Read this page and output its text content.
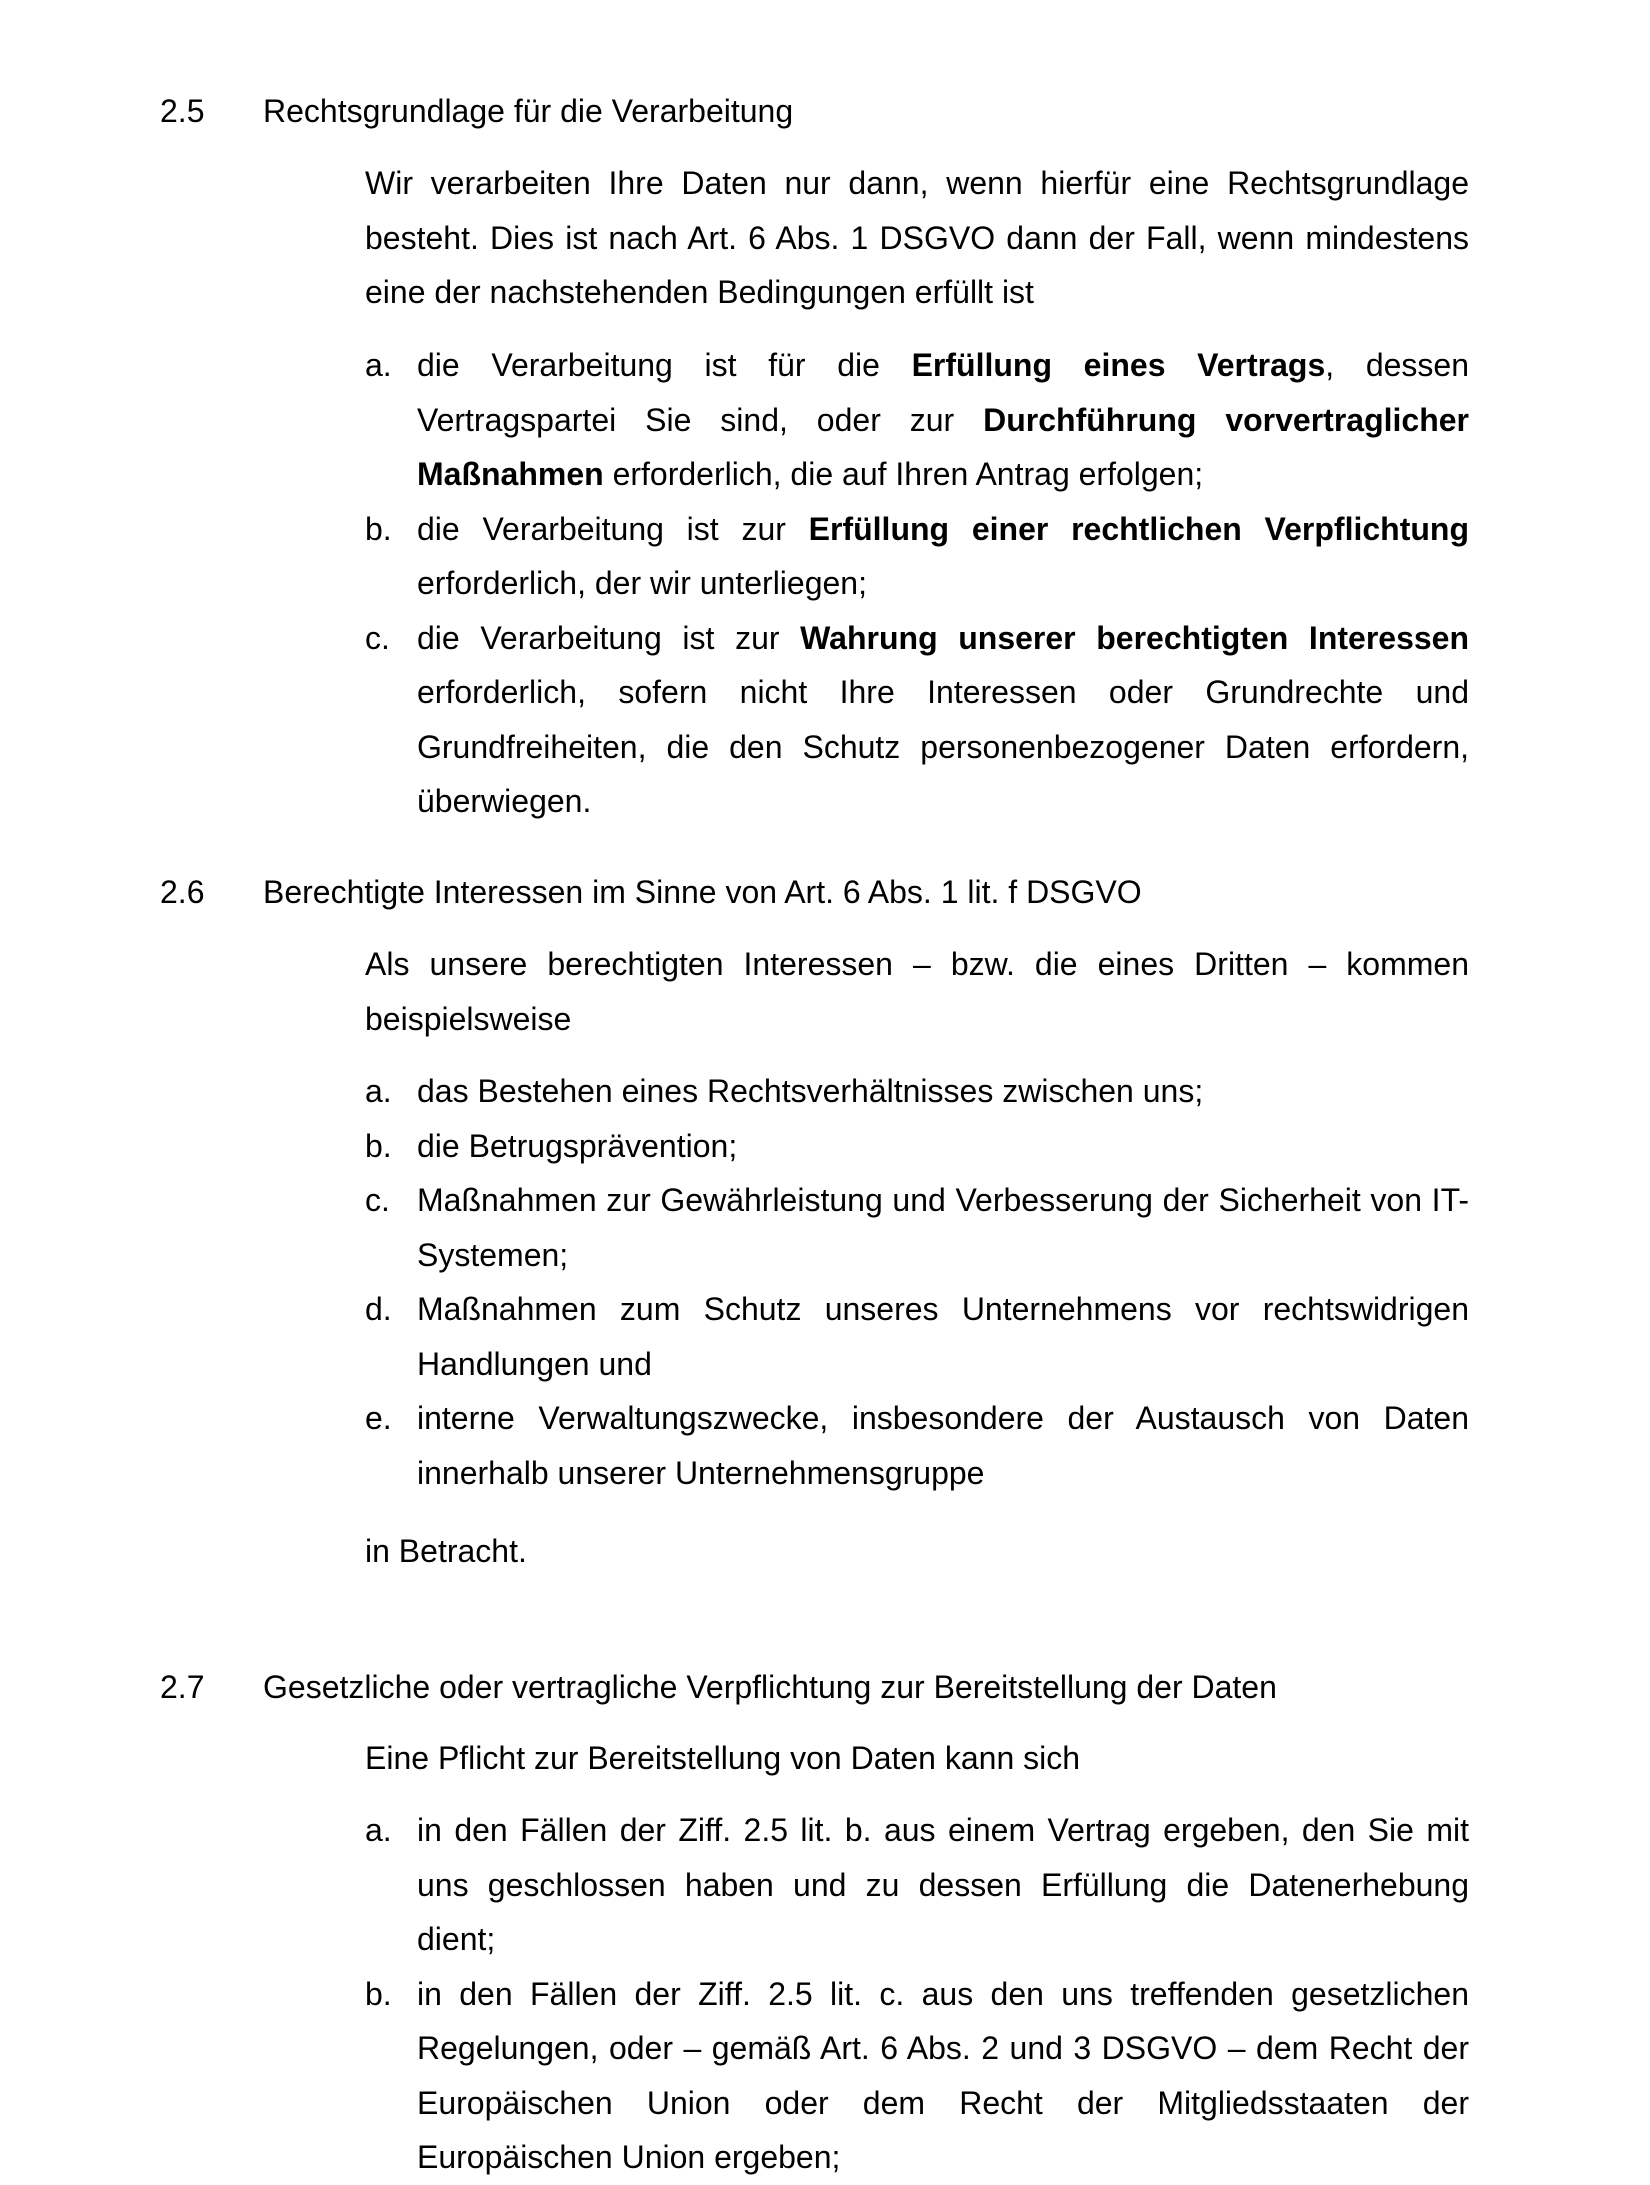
2.5 Rechtsgrundlage für die Verarbeitung

Wir verarbeiten Ihre Daten nur dann, wenn hierfür eine Rechtsgrundlage besteht. Dies ist nach Art. 6 Abs. 1 DSGVO dann der Fall, wenn mindestens eine der nachstehenden Bedingungen erfüllt ist

a. die Verarbeitung ist für die Erfüllung eines Vertrags, dessen Vertragspartei Sie sind, oder zur Durchführung vorvertraglicher Maßnahmen erforderlich, die auf Ihren Antrag erfolgen;
b. die Verarbeitung ist zur Erfüllung einer rechtlichen Verpflichtung erforderlich, der wir unterliegen;
c. die Verarbeitung ist zur Wahrung unserer berechtigten Interessen erforderlich, sofern nicht Ihre Interessen oder Grundrechte und Grundfreiheiten, die den Schutz personenbezogener Daten erfordern, überwiegen.
2.6 Berechtigte Interessen im Sinne von Art. 6 Abs. 1 lit. f DSGVO

Als unsere berechtigten Interessen – bzw. die eines Dritten – kommen beispielsweise

a. das Bestehen eines Rechtsverhältnisses zwischen uns;
b. die Betrugsprävention;
c. Maßnahmen zur Gewährleistung und Verbesserung der Sicherheit von IT-Systemen;
d. Maßnahmen zum Schutz unseres Unternehmens vor rechtswidrigen Handlungen und
e. interne Verwaltungszwecke, insbesondere der Austausch von Daten innerhalb unserer Unternehmensgruppe
in Betracht.
2.7 Gesetzliche oder vertragliche Verpflichtung zur Bereitstellung der Daten

Eine Pflicht zur Bereitstellung von Daten kann sich

a. in den Fällen der Ziff. 2.5 lit. b. aus einem Vertrag ergeben, den Sie mit uns geschlossen haben und zu dessen Erfüllung die Datenerhebung dient;
b. in den Fällen der Ziff. 2.5 lit. c. aus den uns treffenden gesetzlichen Regelungen, oder – gemäß Art. 6 Abs. 2 und 3 DSGVO – dem Recht der Europäischen Union oder dem Recht der Mitgliedsstaaten der Europäischen Union ergeben;
